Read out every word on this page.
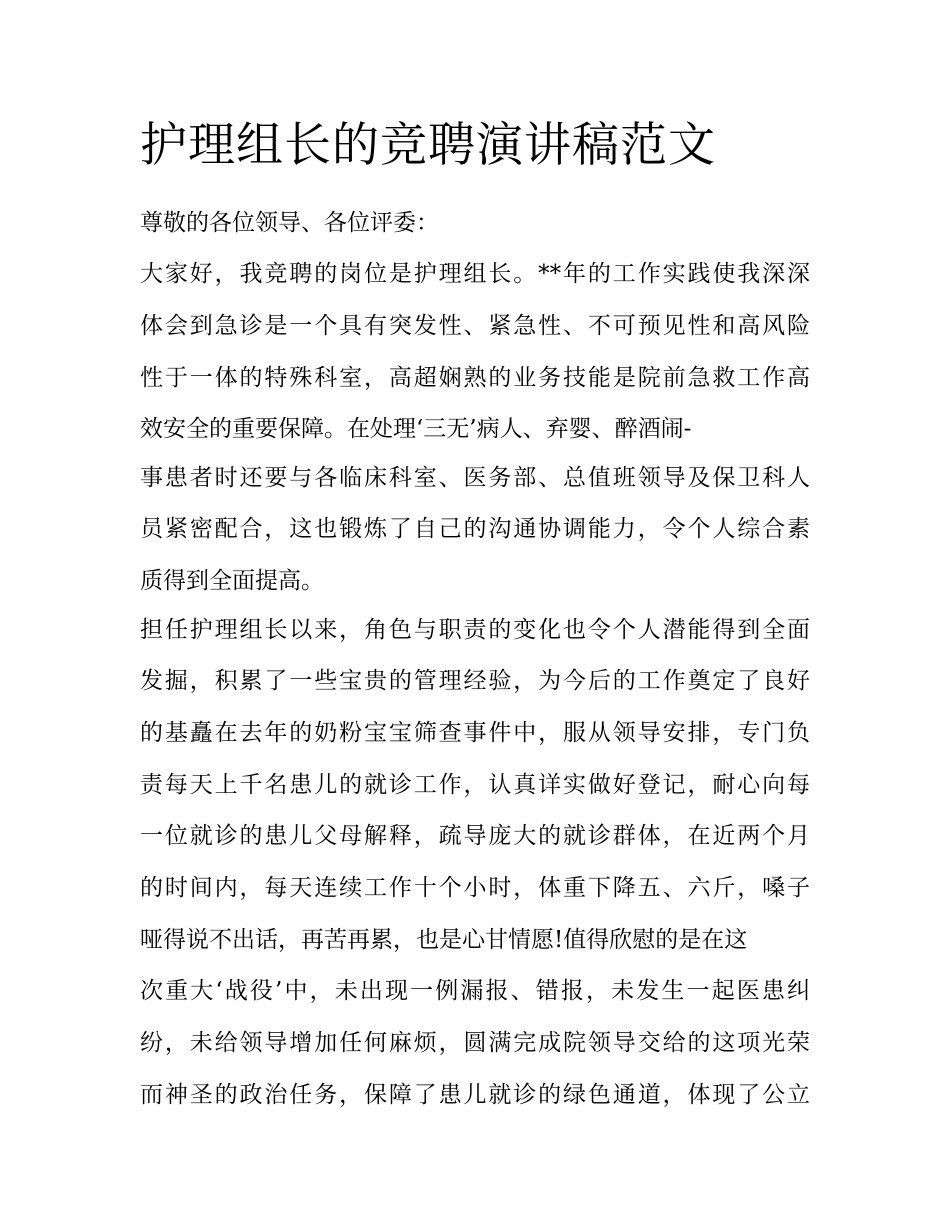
护理组长的竞聘演讲稿范文

尊敬的各位领导、各位评委：

大家好，我竞聘的岗位是护理组长。**年的工作实践使我深深

体会到急诊是一个具有突发性、紧急性、不可预见性和高风险

性于一体的特殊科室，高超娴熟的业务技能是院前急救工作高

效安全的重要保障。在处理‘三无’病人、弃婴、醉酒闹-

事患者时还要与各临床科室、医务部、总值班领导及保卫科人

员紧密配合，这也锻炼了自己的沟通协调能力，令个人综合素

质得到全面提高。

担任护理组长以来，角色与职责的变化也令个人潜能得到全面

发掘，积累了一些宝贵的管理经验，为今后的工作奠定了良好

的基矗在去年的奶粉宝宝筛查事件中，服从领导安排，专门负

责每天上千名患儿的就诊工作，认真详实做好登记，耐心向每

一位就诊的患儿父母解释，疏导庞大的就诊群体，在近两个月

的时间内，每天连续工作十个小时，体重下降五、六斤，嗓子

哑得说不出话，再苦再累，也是心甘情愿!值得欣慰的是在这

次重大‘战役’中，未出现一例漏报、错报，未发生一起医患纠

纷，未给领导增加任何麻烦，圆满完成院领导交给的这项光荣

而神圣的政治任务，保障了患儿就诊的绿色通道，体现了公立
